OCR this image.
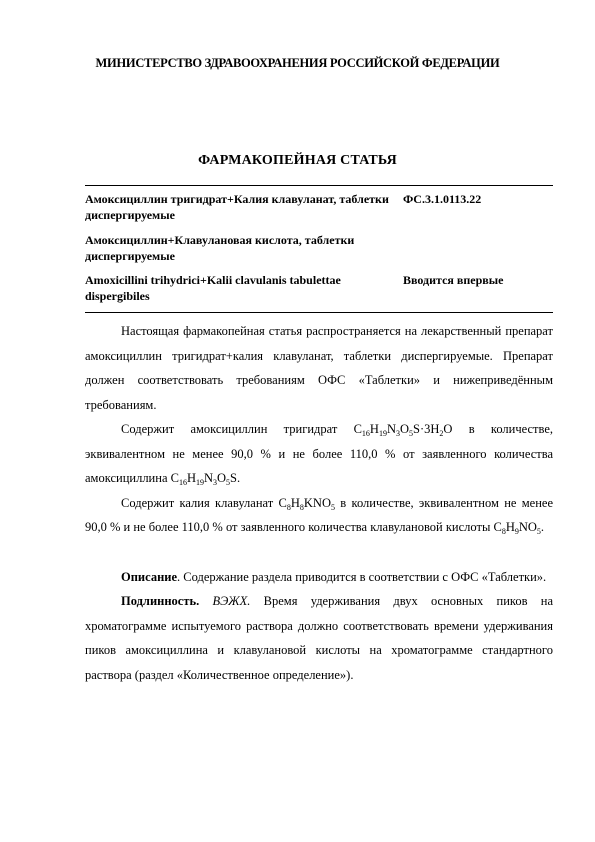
МИНИСТЕРСТВО ЗДРАВООХРАНЕНИЯ РОССИЙСКОЙ ФЕДЕРАЦИИ
ФАРМАКОПЕЙНАЯ СТАТЬЯ
Амоксициллин тригидрат+Калия клавуланат, таблетки диспергируемые
ФС.3.1.0113.22
Амоксициллин+Клавулановая кислота, таблетки диспергируемые
Amoxicillini trihydrici+Kalii clavulanis tabulettae dispergibiles
Вводится впервые

Настоящая фармакопейная статья распространяется на лекарственный препарат амоксициллин тригидрат+калия клавуланат, таблетки диспергируемые. Препарат должен соответствовать требованиям ОФС «Таблетки» и нижеприведённым требованиям.

Содержит амоксициллин тригидрат $C_{16}H_{19}N_3O_5S\cdot 3H_2O$ в количестве, эквивалентном не менее 90,0 % и не более 110,0 % от заявленного количества амоксициллина $C_{16}H_{19}N_3O_5S$.

Содержит калия клавуланат $C_8H_8KNO_5$ в количестве, эквивалентном не менее 90,0 % и не более 110,0 % от заявленного количества клавулановой кислоты $C_8H_9NO_5$.

Описание. Содержание раздела приводится в соответствии с ОФС «Таблетки».

Подлинность. ВЭЖХ. Время удерживания двух основных пиков на хроматограмме испытуемого раствора должно соответствовать времени удерживания пиков амоксициллина и клавулановой кислоты на хроматограмме стандартного раствора (раздел «Количественное определение»).
